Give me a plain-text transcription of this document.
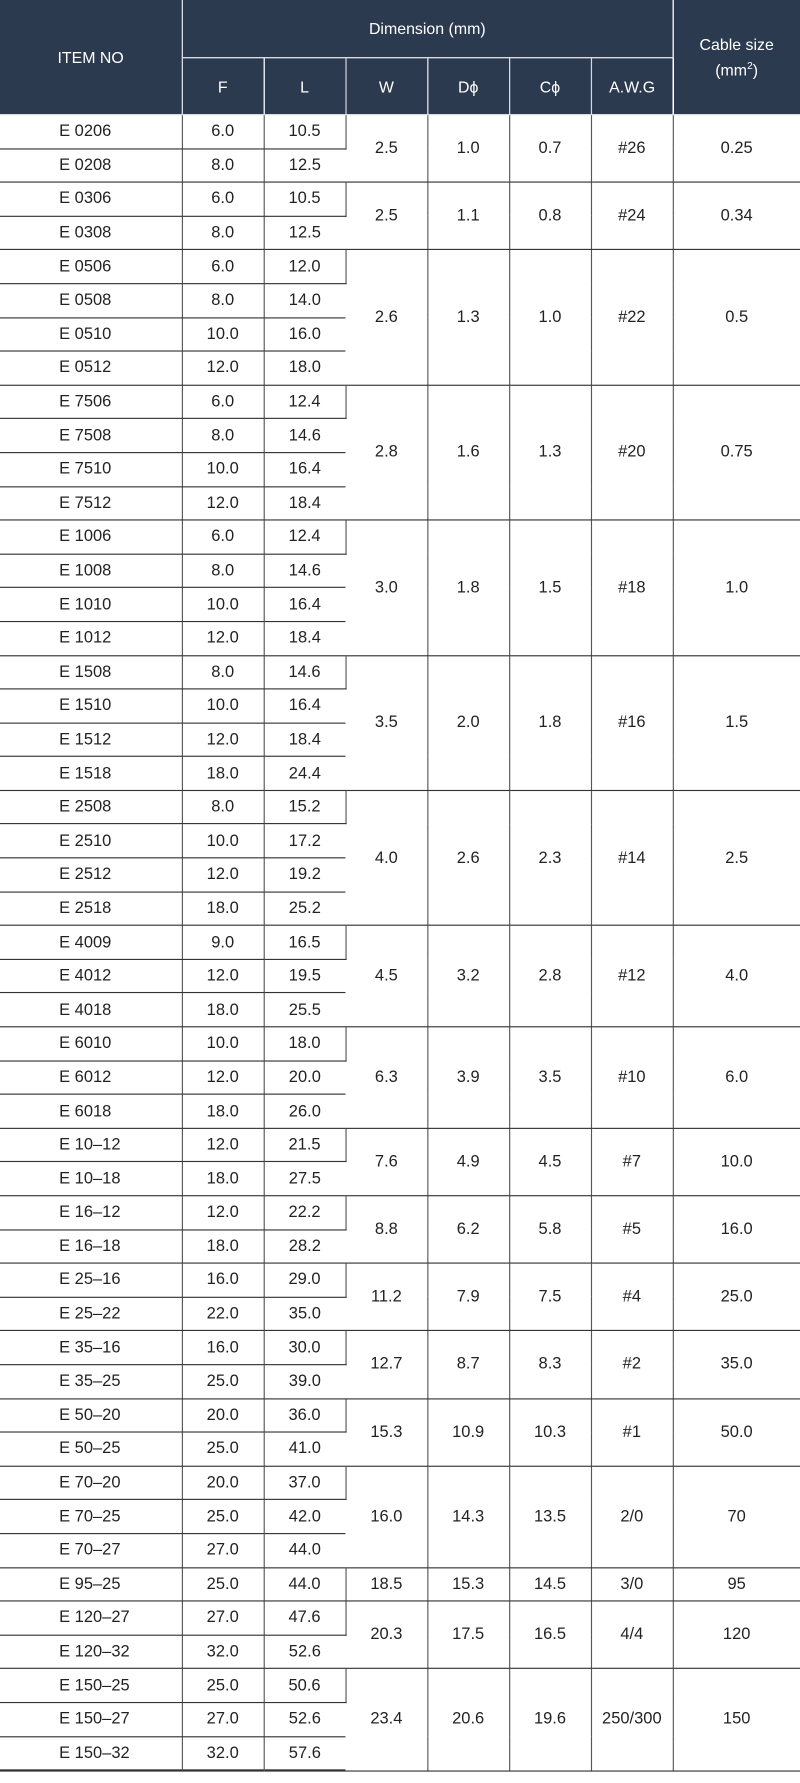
ITEM NO	Dimension (mm)						Cable size
$(mm^2)$
	F	L	W	Dϕ	Cϕ	A.W.G	
E 0206	6.0	10.5	2.5	1.0	0.7	#26	0.25
E 0208	8.0	12.5					
E 0306	6.0	10.5	2.5	1.1	0.8	#24	0.34
E 0308	8.0	12.5					
E 0506	6.0	12.0	2.6	1.3	1.0	#22	0.5
E 0508	8.0	14.0					
E 0510	10.0	16.0					
E 0512	12.0	18.0					
E 7506	6.0	12.4	2.8	1.6	1.3	#20	0.75
E 7508	8.0	14.6					
E 7510	10.0	16.4					
E 7512	12.0	18.4					
E 1006	6.0	12.4	3.0	1.8	1.5	#18	1.0
E 1008	8.0	14.6					
E 1010	10.0	16.4					
E 1012	12.0	18.4					
E 1508	8.0	14.6	3.5	2.0	1.8	#16	1.5
E 1510	10.0	16.4					
E 1512	12.0	18.4					
E 1518	18.0	24.4					
E 2508	8.0	15.2	4.0	2.6	2.3	#14	2.5
E 2510	10.0	17.2					
E 2512	12.0	19.2					
E 2518	18.0	25.2					
E 4009	9.0	16.5	4.5	3.2	2.8	#12	4.0
E 4012	12.0	19.5					
E 4018	18.0	25.5					
E 6010	10.0	18.0	6.3	3.9	3.5	#10	6.0
E 6012	12.0	20.0					
E 6018	18.0	26.0					
E 10–12	12.0	21.5	7.6	4.9	4.5	#7	10.0
E 10–18	18.0	27.5					
E 16–12	12.0	22.2	8.8	6.2	5.8	#5	16.0
E 16–18	18.0	28.2					
E 25–16	16.0	29.0	11.2	7.9	7.5	#4	25.0
E 25–22	22.0	35.0					
E 35–16	16.0	30.0	12.7	8.7	8.3	#2	35.0
E 35–25	25.0	39.0					
E 50–20	20.0	36.0	15.3	10.9	10.3	#1	50.0
E 50–25	25.0	41.0					
E 70–20	20.0	37.0	16.0	14.3	13.5	2/0	70
E 70–25	25.0	42.0					
E 70–27	27.0	44.0					
E 95–25	25.0	44.0	18.5	15.3	14.5	3/0	95
E 120–27	27.0	47.6	20.3	17.5	16.5	4/4	120
E 120–32	32.0	52.6					
E 150–25	25.0	50.6	23.4	20.6	19.6	250/300	150
E 150–27	27.0	52.6					
E 150–32	32.0	57.6					
